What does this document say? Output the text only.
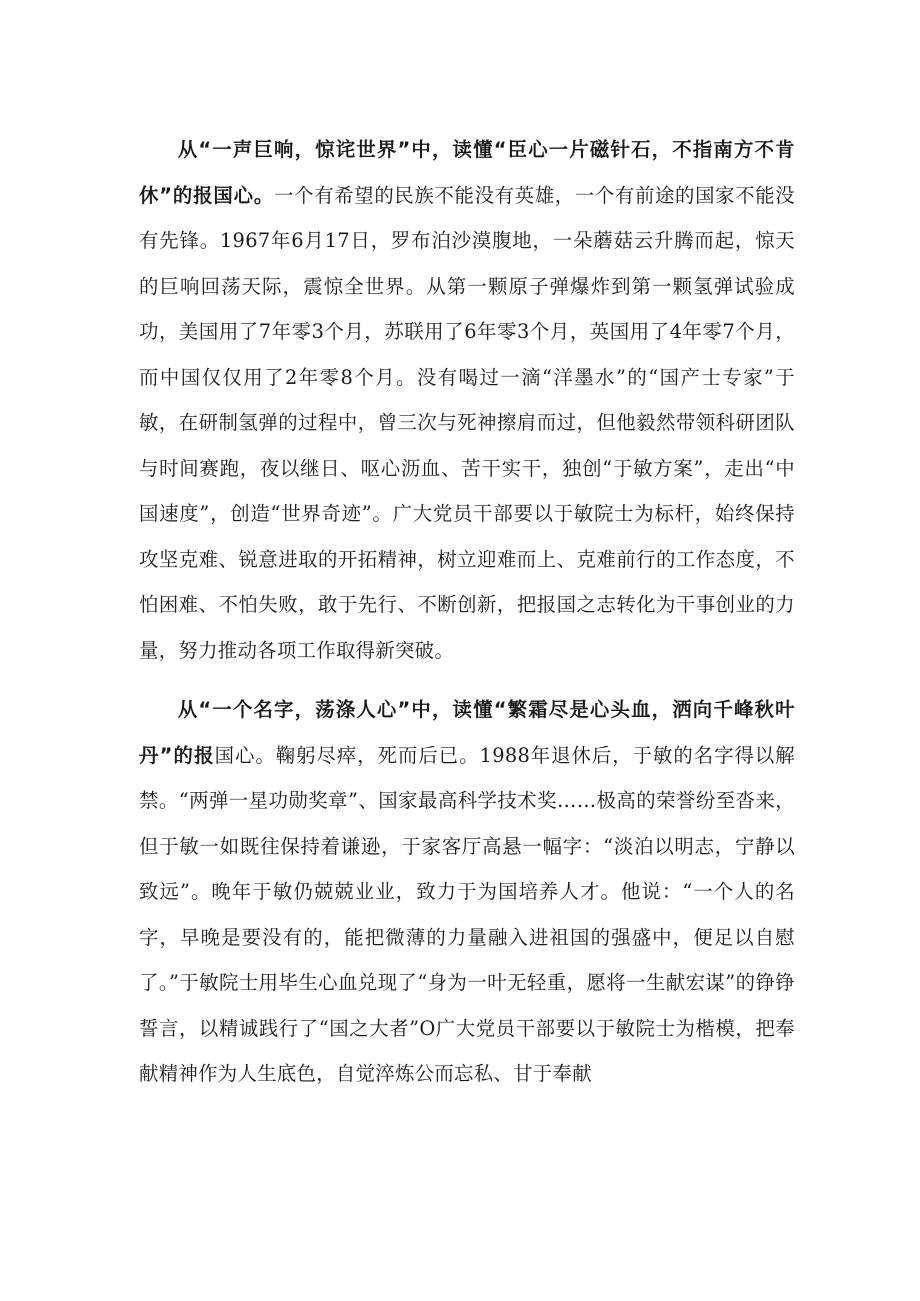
从“一声巨响，惊诧世界”中，读懂“臣心一片磁针石，不指南方不肯休”的报国心。一个有希望的民族不能没有英雄，一个有前途的国家不能没有先锋。1967年6月17日，罗布泊沙漠腹地，一朵蘑菇云升腾而起，惊天的巨响回荡天际，震惊全世界。从第一颗原子弹爆炸到第一颗氢弹试验成功，美国用了7年零3个月，苏联用了6年零3个月，英国用了4年零7个月，而中国仅仅用了2年零8个月。没有喝过一滴“洋墨水”的“国产士专家”于敏，在研制氢弹的过程中，曾三次与死神擦肩而过，但他毅然带领科研团队与时间赛跑，夜以继日、呕心沥血、苦干实干，独创“于敏方案”，走出“中国速度”，创造“世界奇迹”。广大党员干部要以于敏院士为标杆，始终保持攻坚克难、锐意进取的开拓精神，树立迎难而上、克难前行的工作态度，不怕困难、不怕失败，敢于先行、不断创新，把报国之志转化为干事创业的力量，努力推动各项工作取得新突破。

从“一个名字，荡涤人心”中，读懂“繁霜尽是心头血，洒向千峰秋叶丹”的报国心。鞠躬尽瘁，死而后已。1988年退休后，于敏的名字得以解禁。“两弹一星功勋奖章”、国家最高科学技术奖……极高的荣誉纷至沓来，但于敏一如既往保持着谦逊，于家客厅高悬一幅字：“淡泊以明志，宁静以致远”。晚年于敏仍兢兢业业，致力于为国培养人才。他说：“一个人的名字，早晚是要没有的，能把微薄的力量融入进祖国的强盛中，便足以自慰了。”于敏院士用毕生心血兑现了“身为一叶无轻重，愿将一生献宏谋”的铮铮誓言，以精诚践行了“国之大者”O广大党员干部要以于敏院士为楷模，把奉献精神作为人生底色，自觉淬炼公而忘私、甘于奉献
